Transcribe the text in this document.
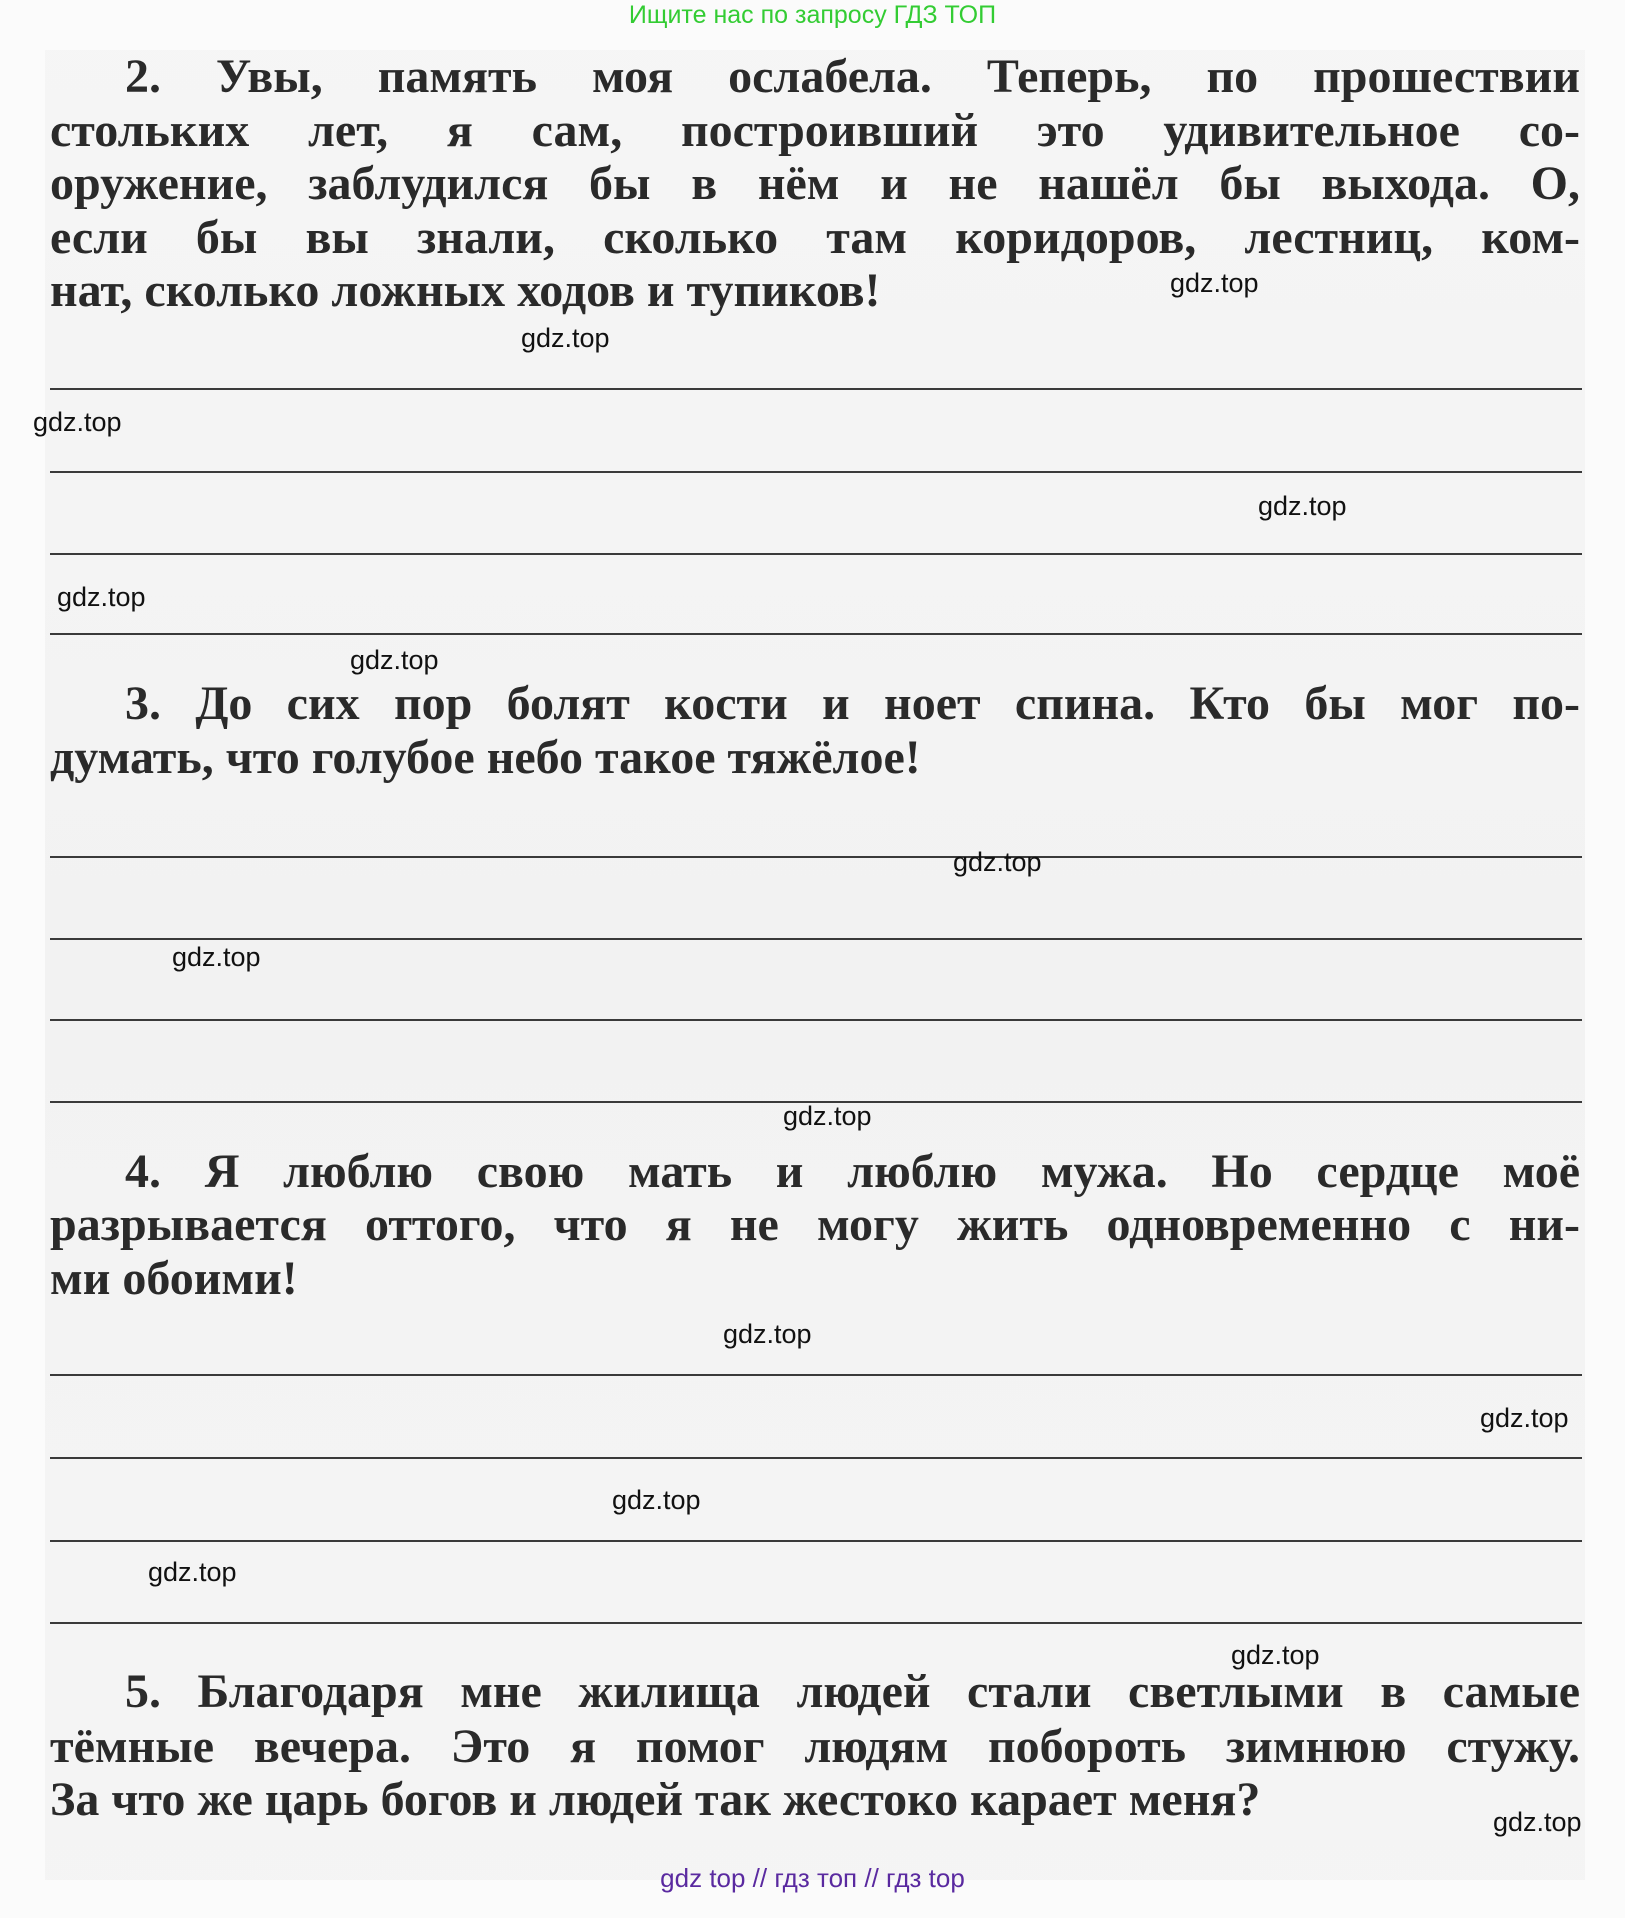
Ищите нас по запросу ГДЗ ТОП
2. Увы, память моя ослабела. Теперь, по прошествии
стольких лет, я сам, построивший это удивительное со-
оружение, заблудился бы в нём и не нашёл бы выхода. О,
если бы вы знали, сколько там коридоров, лестниц, ком-
нат, сколько ложных ходов и тупиков!
3. До сих пор болят кости и ноет спина. Кто бы мог по-
думать, что голубое небо такое тяжёлое!
4. Я люблю свою мать и люблю мужа. Но сердце моё
разрывается оттого, что я не могу жить одновременно с ни-
ми обоими!
5. Благодаря мне жилища людей стали светлыми в самые
тёмные вечера. Это я помог людям побороть зимнюю стужу.
За что же царь богов и людей так жестоко карает меня?
gdz.top
gdz.top
gdz.top
gdz.top
gdz.top
gdz.top
gdz.top
gdz.top
gdz.top
gdz.top
gdz.top
gdz.top
gdz.top
gdz.top
gdz.top
gdz top // гдз топ // гдз top
